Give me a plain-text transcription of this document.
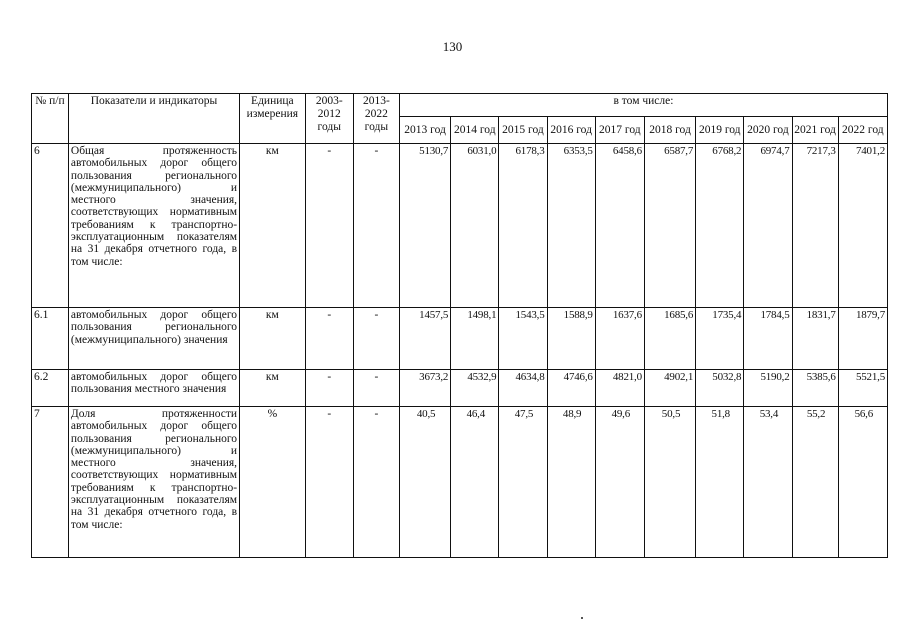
130
№ п/п	Показатели и индикаторы	Единица измерения	2003-2012 годы	2013-2022 годы	в том числе:									
					2013 год	2014 год	2015 год	2016 год	2017 год	2018 год	2019 год	2020 год	2021 год	2022 год
6	Общая протяженность автомобильных дорог общего пользования регионального (межмуниципального) и местного значения, соответствующих нормативным требованиям к транспортно-эксплуатационным показателям на 31 декабря отчетного года, в том числе:	км	-	-	5130,7	6031,0	6178,3	6353,5	6458,6	6587,7	6768,2	6974,7	7217,3	7401,2
6.1	автомобильных дорог общего пользования регионального (межмуниципального) значения	км	-	-	1457,5	1498,1	1543,5	1588,9	1637,6	1685,6	1735,4	1784,5	1831,7	1879,7
6.2	автомобильных дорог общего пользования местного значения	км	-	-	3673,2	4532,9	4634,8	4746,6	4821,0	4902,1	5032,8	5190,2	5385,6	5521,5
7	Доля протяженности автомобильных дорог общего пользования регионального (межмуниципального) и местного значения, соответствующих нормативным требованиям к транспортно-эксплуатационным показателям на 31 декабря отчетного года, в том числе:	%	-	-	40,5	46,4	47,5	48,9	49,6	50,5	51,8	53,4	55,2	56,6
